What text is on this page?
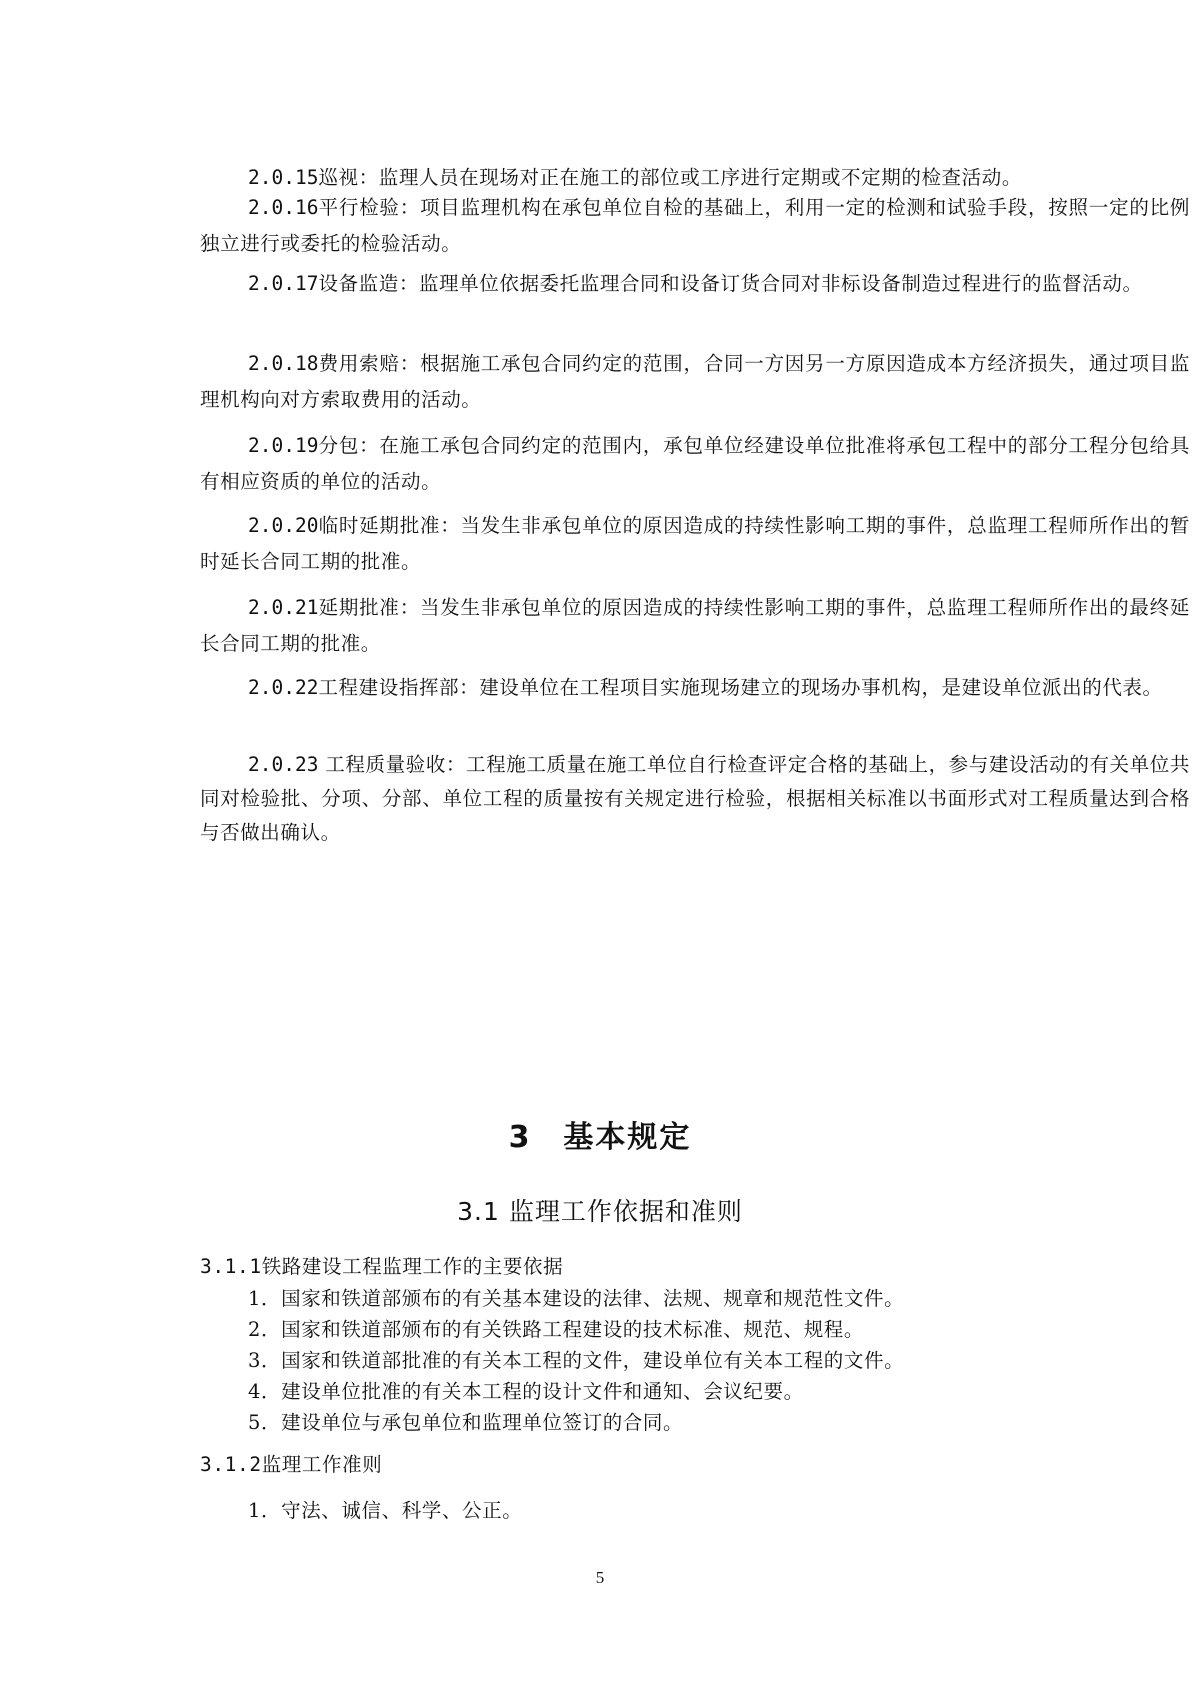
2.0.15巡视：监理人员在现场对正在施工的部位或工序进行定期或不定期的检查活动。
2.0.16平行检验：项目监理机构在承包单位自检的基础上，利用一定的检测和试验手段，按照一定的比例独立进行或委托的检验活动。
2.0.17设备监造：监理单位依据委托监理合同和设备订货合同对非标设备制造过程进行的监督活动。
2.0.18费用索赔：根据施工承包合同约定的范围，合同一方因另一方原因造成本方经济损失，通过项目监理机构向对方索取费用的活动。
2.0.19分包：在施工承包合同约定的范围内，承包单位经建设单位批准将承包工程中的部分工程分包给具有相应资质的单位的活动。
2.0.20临时延期批准：当发生非承包单位的原因造成的持续性影响工期的事件，总监理工程师所作出的暂时延长合同工期的批准。
2.0.21延期批准：当发生非承包单位的原因造成的持续性影响工期的事件，总监理工程师所作出的最终延长合同工期的批准。
2.0.22工程建设指挥部：建设单位在工程项目实施现场建立的现场办事机构，是建设单位派出的代表。
2.0.23 工程质量验收：工程施工质量在施工单位自行检查评定合格的基础上，参与建设活动的有关单位共同对检验批、分项、分部、单位工程的质量按有关规定进行检验，根据相关标准以书面形式对工程质量达到合格与否做出确认。
3　基本规定
3.1 监理工作依据和准则
3.1.1铁路建设工程监理工作的主要依据
1．国家和铁道部颁布的有关基本建设的法律、法规、规章和规范性文件。
2．国家和铁道部颁布的有关铁路工程建设的技术标准、规范、规程。
3．国家和铁道部批准的有关本工程的文件，建设单位有关本工程的文件。
4．建设单位批准的有关本工程的设计文件和通知、会议纪要。
5．建设单位与承包单位和监理单位签订的合同。
3.1.2监理工作准则
1．守法、诚信、科学、公正。
5
